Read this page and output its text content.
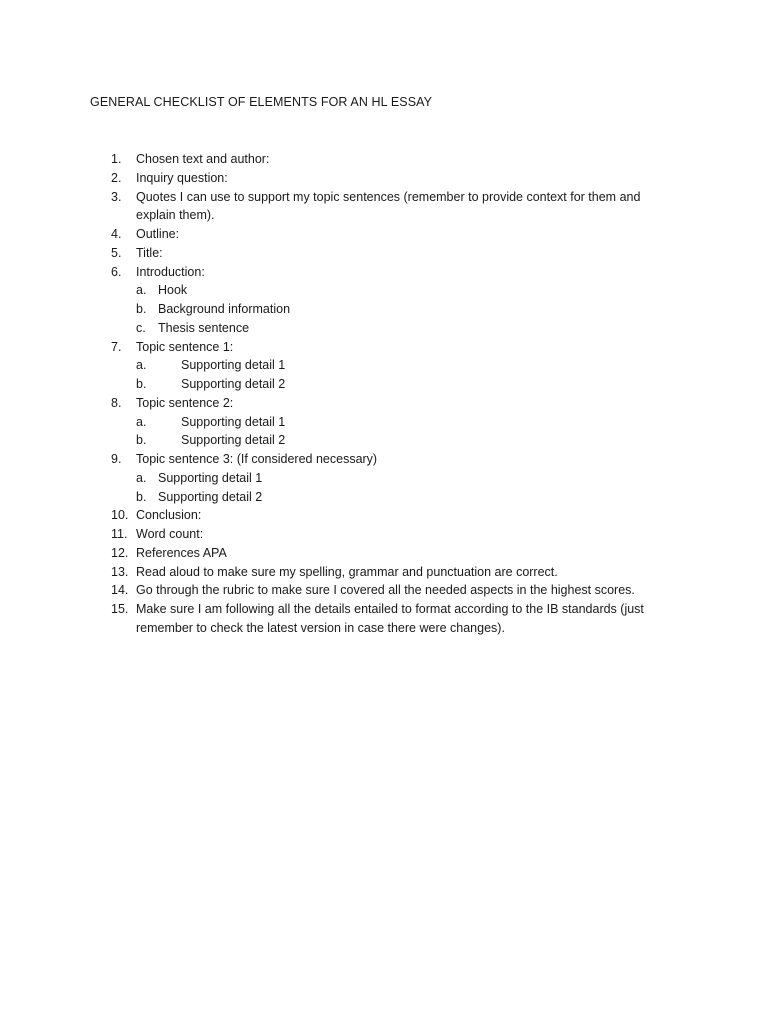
GENERAL CHECKLIST OF ELEMENTS FOR AN HL ESSAY
1.	Chosen text and author:
2.	Inquiry question:
3.	Quotes I can use to support my topic sentences (remember to provide context for them and explain them).
4.	Outline:
5.	Title:
6.	Introduction:
a. Hook
b. Background information
c. Thesis sentence
7.	Topic sentence 1:
a.	Supporting detail 1
b.	Supporting detail 2
8.	Topic sentence 2:
a.	Supporting detail 1
b.	Supporting detail 2
9.	Topic sentence 3: (If considered necessary)
a. Supporting detail 1
b. Supporting detail 2
10. Conclusion:
11. Word count:
12. References APA
13. Read aloud to make sure my spelling, grammar and punctuation are correct.
14. Go through the rubric to make sure I covered all the needed aspects in the highest scores.
15. Make sure I am following all the details entailed to format according to the IB standards (just remember to check the latest version in case there were changes).
